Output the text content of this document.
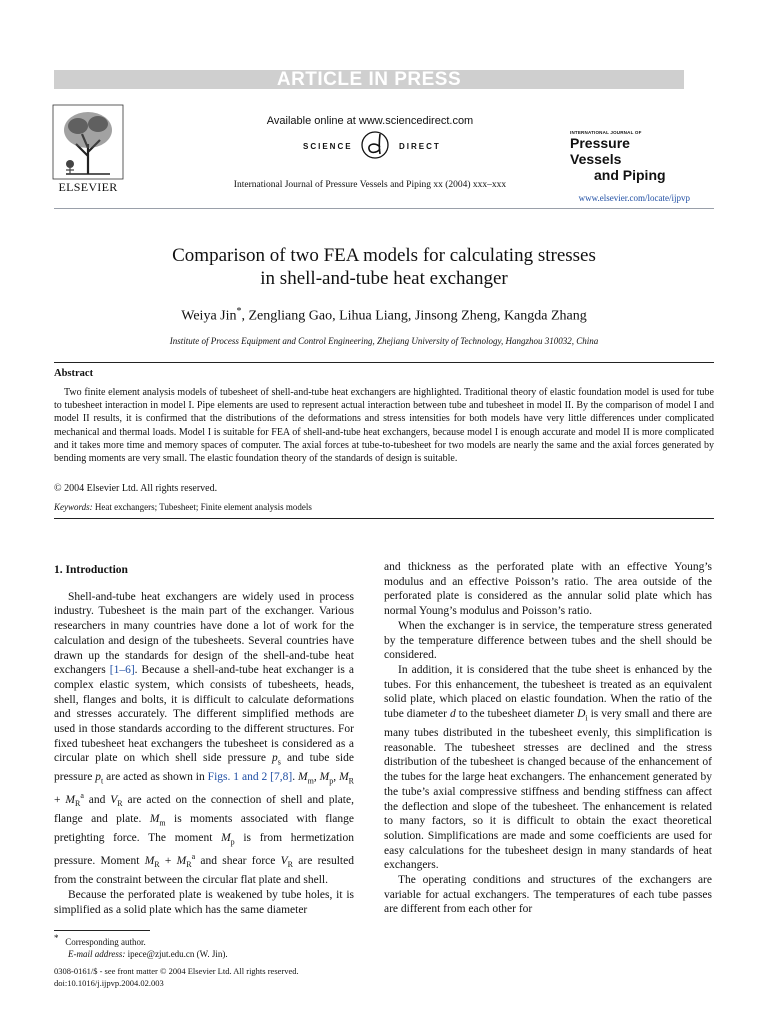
ARTICLE IN PRESS
ELSEVIER
Available online at www.sciencedirect.com
SCIENCE	DIRECT
International Journal of Pressure Vessels and Piping xx (2004) xxx–xxx
INTERNATIONAL JOURNAL OF
Pressure Vessels
and Piping
www.elsevier.com/locate/ijpvp
Comparison of two FEA models for calculating stresses
in shell-and-tube heat exchanger
Weiya Jin*, Zengliang Gao, Lihua Liang, Jinsong Zheng, Kangda Zhang
Institute of Process Equipment and Control Engineering, Zhejiang University of Technology, Hangzhou 310032, China
Abstract
Two finite element analysis models of tubesheet of shell-and-tube heat exchangers are highlighted. Traditional theory of elastic foundation model is used for tube to tubesheet interaction in model I. Pipe elements are used to represent actual interaction between tube and tubesheet in model II. By the comparison of model I and model II results, it is confirmed that the distributions of the deformations and stress intensities for both models have very little differences under complicated mechanical and thermal loads. Model I is suitable for FEA of shell-and-tube heat exchangers, because model I is enough accurate and model II is more complicated and it takes more time and memory spaces of computer. The axial forces at tube-to-tubesheet for two models are nearly the same and the axial forces generated by bending moments are very small. The elastic foundation theory of the standards of design is suitable.
© 2004 Elsevier Ltd. All rights reserved.
Keywords: Heat exchangers; Tubesheet; Finite element analysis models
1. Introduction

Shell-and-tube heat exchangers are widely used in process industry. Tubesheet is the main part of the exchanger. Various researchers in many countries have done a lot of work for the calculation and design of the tubesheets. Several countries have drawn up the standards for design of the shell-and-tube heat exchangers [1–6]. Because a shell-and-tube heat exchanger is a complex elastic system, which consists of tubesheets, heads, shell, flanges and bolts, it is difficult to calculate deformations and stresses accurately. The different simplified methods are used in those standards according to the different structures. For fixed tubesheet heat exchangers the tubesheet is considered as a circular plate on which shell side pressure $p_s$ and tube side pressure $p_t$ are acted as shown in Figs. 1 and 2 [7,8]. $M_m$, $M_p$, $M_R + M_R^a$ and $V_R$ are acted on the connection of shell and plate, flange and plate. $M_m$ is moments associated with flange pretighting force. The moment $M_p$ is from hermetization pressure. Moment $M_R + M_R^a$ and shear force $V_R$ are resulted from the constraint between the circular flat plate and shell.

Because the perforated plate is weakened by tube holes, it is simplified as a solid plate which has the same diameter

and thickness as the perforated plate with an effective Young’s modulus and an effective Poisson’s ratio. The area outside of the perforated plate is considered as the annular solid plate which has normal Young’s modulus and Poisson’s ratio.

When the exchanger is in service, the temperature stress generated by the temperature difference between tubes and the shell should be considered.

In addition, it is considered that the tube sheet is enhanced by the tubes. For this enhancement, the tubesheet is treated as an equivalent solid plate, which placed on elastic foundation. When the ratio of the tube diameter d to the tubesheet diameter $D_i$ is very small and there are many tubes distributed in the tubesheet evenly, this simplification is reasonable. The tubesheet stresses are declined and the stress distribution of the tubesheet is changed because of the enhancement of the tubes for the large heat exchangers. The enhancement generated by the tube’s axial compressive stiffness and bending stiffness can affect the deflection and slope of the tubesheet. The enhancement is related to many factors, so it is difficult to obtain the exact theoretical solution. Simplifications are made and some coefficients are used for easy calculations for the tubesheet design in many standards of heat exchangers.

The operating conditions and structures of the exchangers are variable for actual exchangers. The temperatures of each tube passes are different from each other for

* Corresponding author.
E-mail address: ipece@zjut.edu.cn (W. Jin).
0308-0161/$ - see front matter © 2004 Elsevier Ltd. All rights reserved.
doi:10.1016/j.ijpvp.2004.02.003
